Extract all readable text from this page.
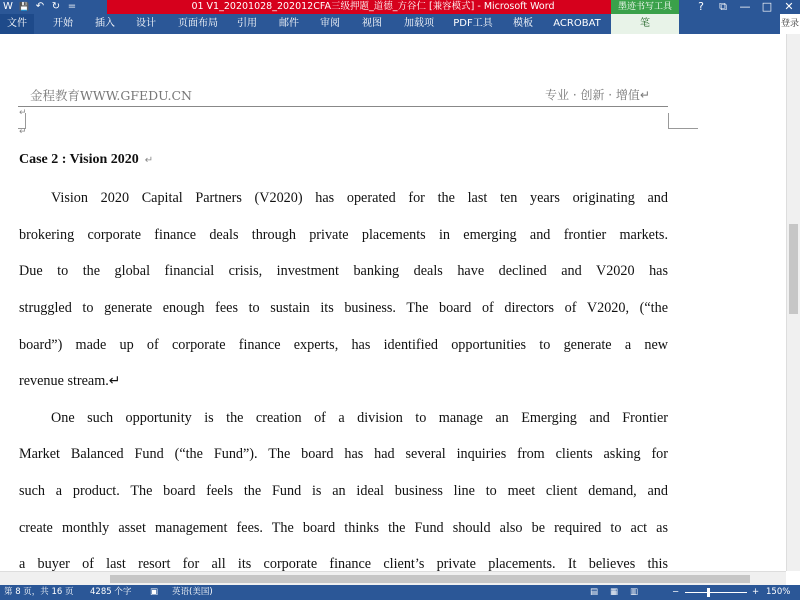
W 💾 ↶ ↻ =	01 V1_20201028_202012CFA三级押题_道德_方谷仁 [兼容模式] - Microsoft Word	墨迹书写工具	?	⧉	—	□	✕
文件	开始	插入	设计	页面布局	引用	邮件	审阅	视图	加载项	PDF工具	模板	ACROBAT	笔	登录
金程教育WWW.GFEDU.CN	专业 · 创新 · 增值↵
↵
↵
Case 2 : Vision 2020 ↵
Vision 2020 Capital Partners (V2020) has operated for the last ten years originating and
brokering corporate finance deals through private placements in emerging and frontier markets.
Due to the global financial crisis, investment banking deals have declined and V2020 has
struggled to generate enough fees to sustain its business. The board of directors of V2020, (“the
board”) made up of corporate finance experts, has identified opportunities to generate a new
revenue stream.↵
One such opportunity is the creation of a division to manage an Emerging and Frontier
Market Balanced Fund (“the Fund”). The board has had several inquiries from clients asking for
such a product. The board feels the Fund is an ideal business line to meet client demand, and
create monthly asset management fees. The board thinks the Fund should also be required to act as
a buyer of last resort for all its corporate finance client’s private placements. It believes this
第 8 页，共 16 页 4285 个字 ▣ 英语(美国)	▤ ▦ ▥	−	+ 150%
